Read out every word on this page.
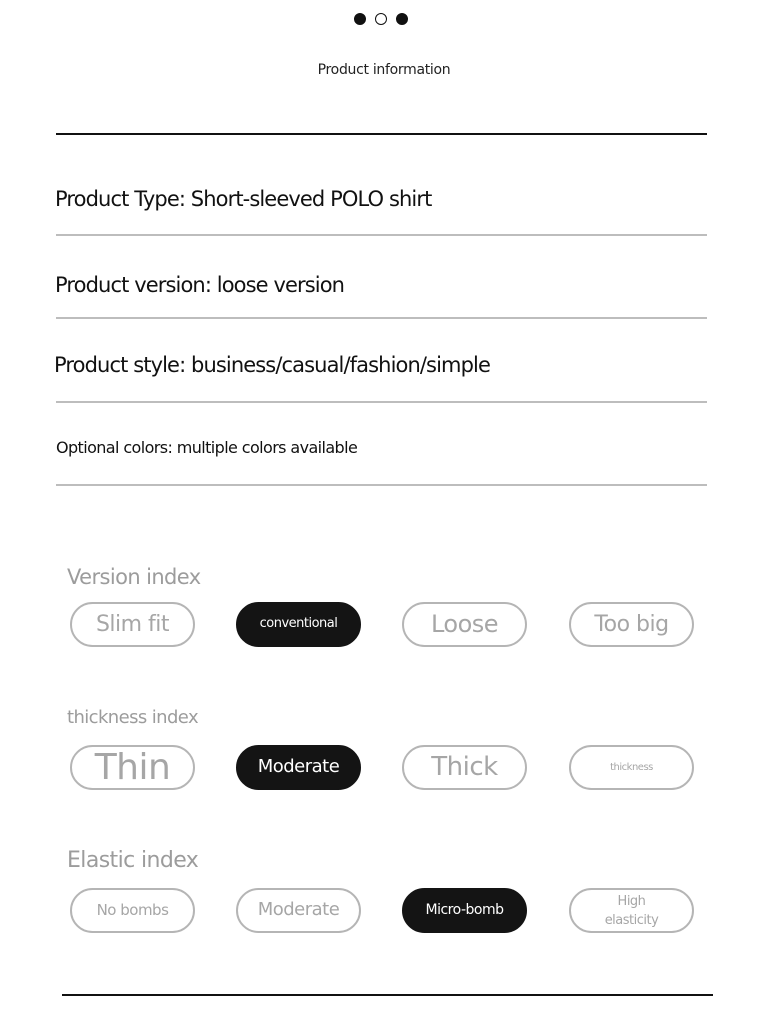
Product information
Product Type: Short-sleeved POLO shirt
Product version: loose version
Product style: business/casual/fashion/simple
Optional colors: multiple colors available
Version index
Slim fit	conventional	Loose	Too big
thickness index
Thin	Moderate	Thick	thickness
Elastic index
No bombs	Moderate	Micro-bomb
High elasticity
